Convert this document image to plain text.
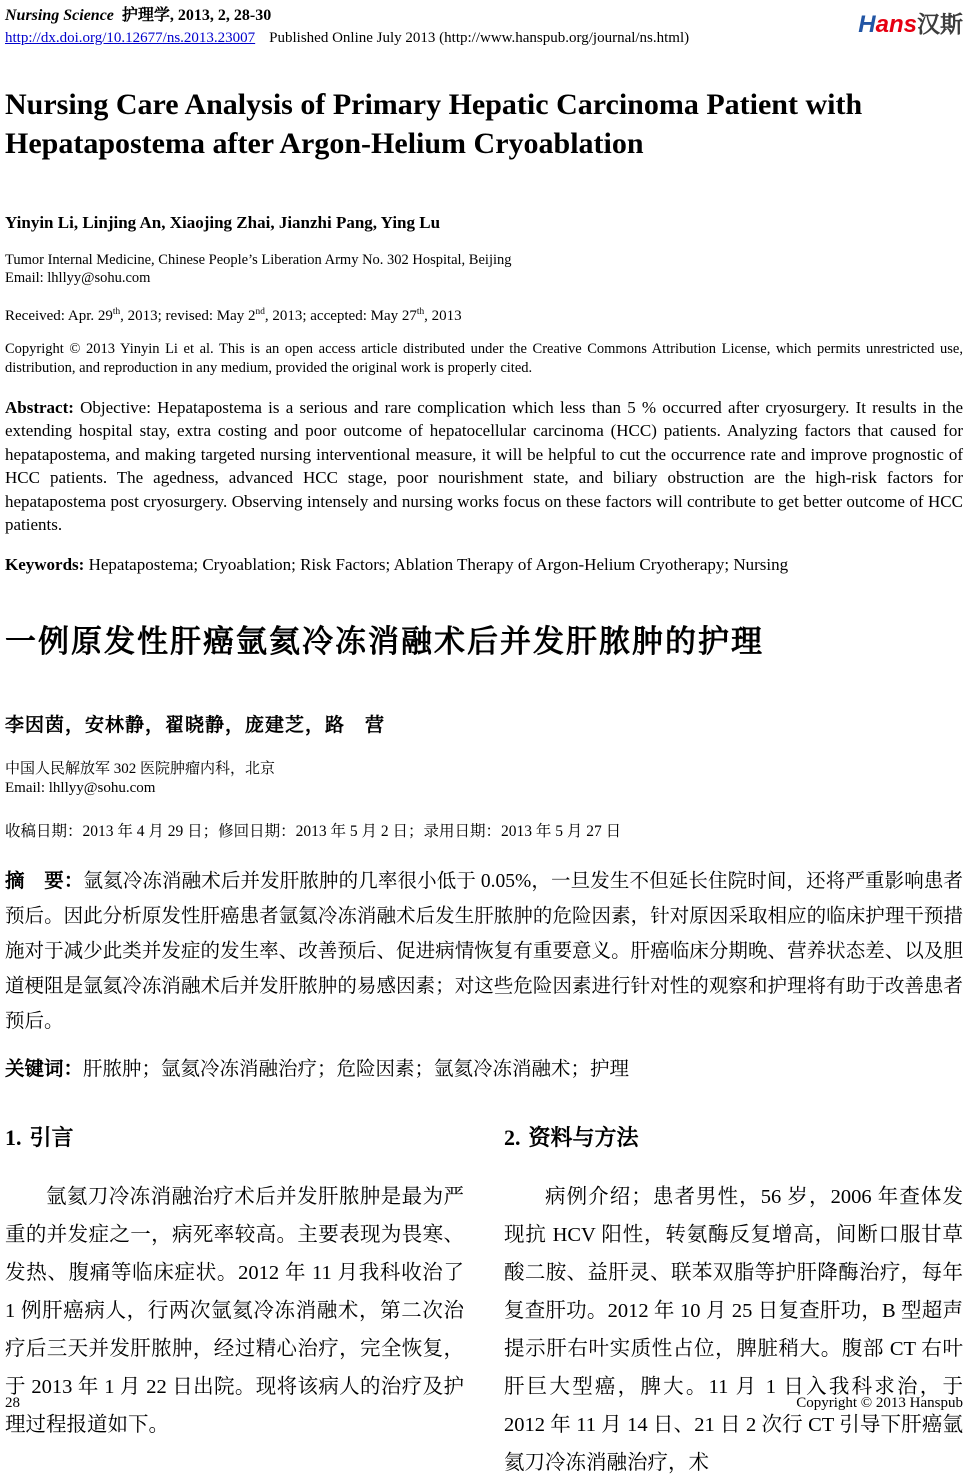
Nursing Science 护理学, 2013, 2, 28-30
http://dx.doi.org/10.12677/ns.2013.23007 Published Online July 2013 (http://www.hanspub.org/journal/ns.html)	Hans汉斯
Nursing Care Analysis of Primary Hepatic Carcinoma Patient with Hepatapostema after Argon-Helium Cryoablation
Yinyin Li, Linjing An, Xiaojing Zhai, Jianzhi Pang, Ying Lu
Tumor Internal Medicine, Chinese People’s Liberation Army No. 302 Hospital, Beijing
Email: lhllyy@sohu.com
Received: Apr. 29th, 2013; revised: May 2nd, 2013; accepted: May 27th, 2013
Copyright © 2013 Yinyin Li et al. This is an open access article distributed under the Creative Commons Attribution License, which permits unrestricted use, distribution, and reproduction in any medium, provided the original work is properly cited.

Abstract: Objective: Hepatapostema is a serious and rare complication which less than 5 % occurred after cryosurgery. It results in the extending hospital stay, extra costing and poor outcome of hepatocellular carcinoma (HCC) patients. Analyzing factors that caused for hepatapostema, and making targeted nursing interventional measure, it will be helpful to cut the occurrence rate and improve prognostic of HCC patients. The agedness, advanced HCC stage, poor nourishment state, and biliary obstruction are the high-risk factors for hepatapostema post cryosurgery. Observing intensely and nursing works focus on these factors will contribute to get better outcome of HCC patients.

Keywords: Hepatapostema; Cryoablation; Risk Factors; Ablation Therapy of Argon-Helium Cryotherapy; Nursing

一例原发性肝癌氩氦冷冻消融术后并发肝脓肿的护理
李因茵，安林静，翟晓静，庞建芝，路　营
中国人民解放军 302 医院肿瘤内科，北京
Email: lhllyy@sohu.com
收稿日期：2013 年 4 月 29 日；修回日期：2013 年 5 月 2 日；录用日期：2013 年 5 月 27 日

摘　要：氩氦冷冻消融术后并发肝脓肿的几率很小低于 0.05%，一旦发生不但延长住院时间，还将严重影响患者预后。因此分析原发性肝癌患者氩氦冷冻消融术后发生肝脓肿的危险因素，针对原因采取相应的临床护理干预措施对于减少此类并发症的发生率、改善预后、促进病情恢复有重要意义。肝癌临床分期晚、营养状态差、以及胆道梗阻是氩氦冷冻消融术后并发肝脓肿的易感因素；对这些危险因素进行针对性的观察和护理将有助于改善患者预后。

关键词：肝脓肿；氩氦冷冻消融治疗；危险因素；氩氦冷冻消融术；护理

1. 引言

氩氦刀冷冻消融治疗术后并发肝脓肿是最为严重的并发症之一，病死率较高。主要表现为畏寒、发热、腹痛等临床症状。2012 年 11 月我科收治了 1 例肝癌病人，行两次氩氦冷冻消融术，第二次治疗后三天并发肝脓肿，经过精心治疗，完全恢复，于 2013 年 1 月 22 日出院。现将该病人的治疗及护理过程报道如下。

2. 资料与方法

病例介绍；患者男性，56 岁，2006 年查体发现抗 HCV 阳性，转氨酶反复增高，间断口服甘草酸二胺、益肝灵、联苯双脂等护肝降酶治疗，每年复查肝功。2012 年 10 月 25 日复查肝功，B 型超声提示肝右叶实质性占位，脾脏稍大。腹部 CT 右叶肝巨大型癌，脾大。11 月 1 日入我科求治，于 2012 年 11 月 14 日、21 日 2 次行 CT 引导下肝癌氩氦刀冷冻消融治疗，术

28	Copyright © 2013 Hanspub
